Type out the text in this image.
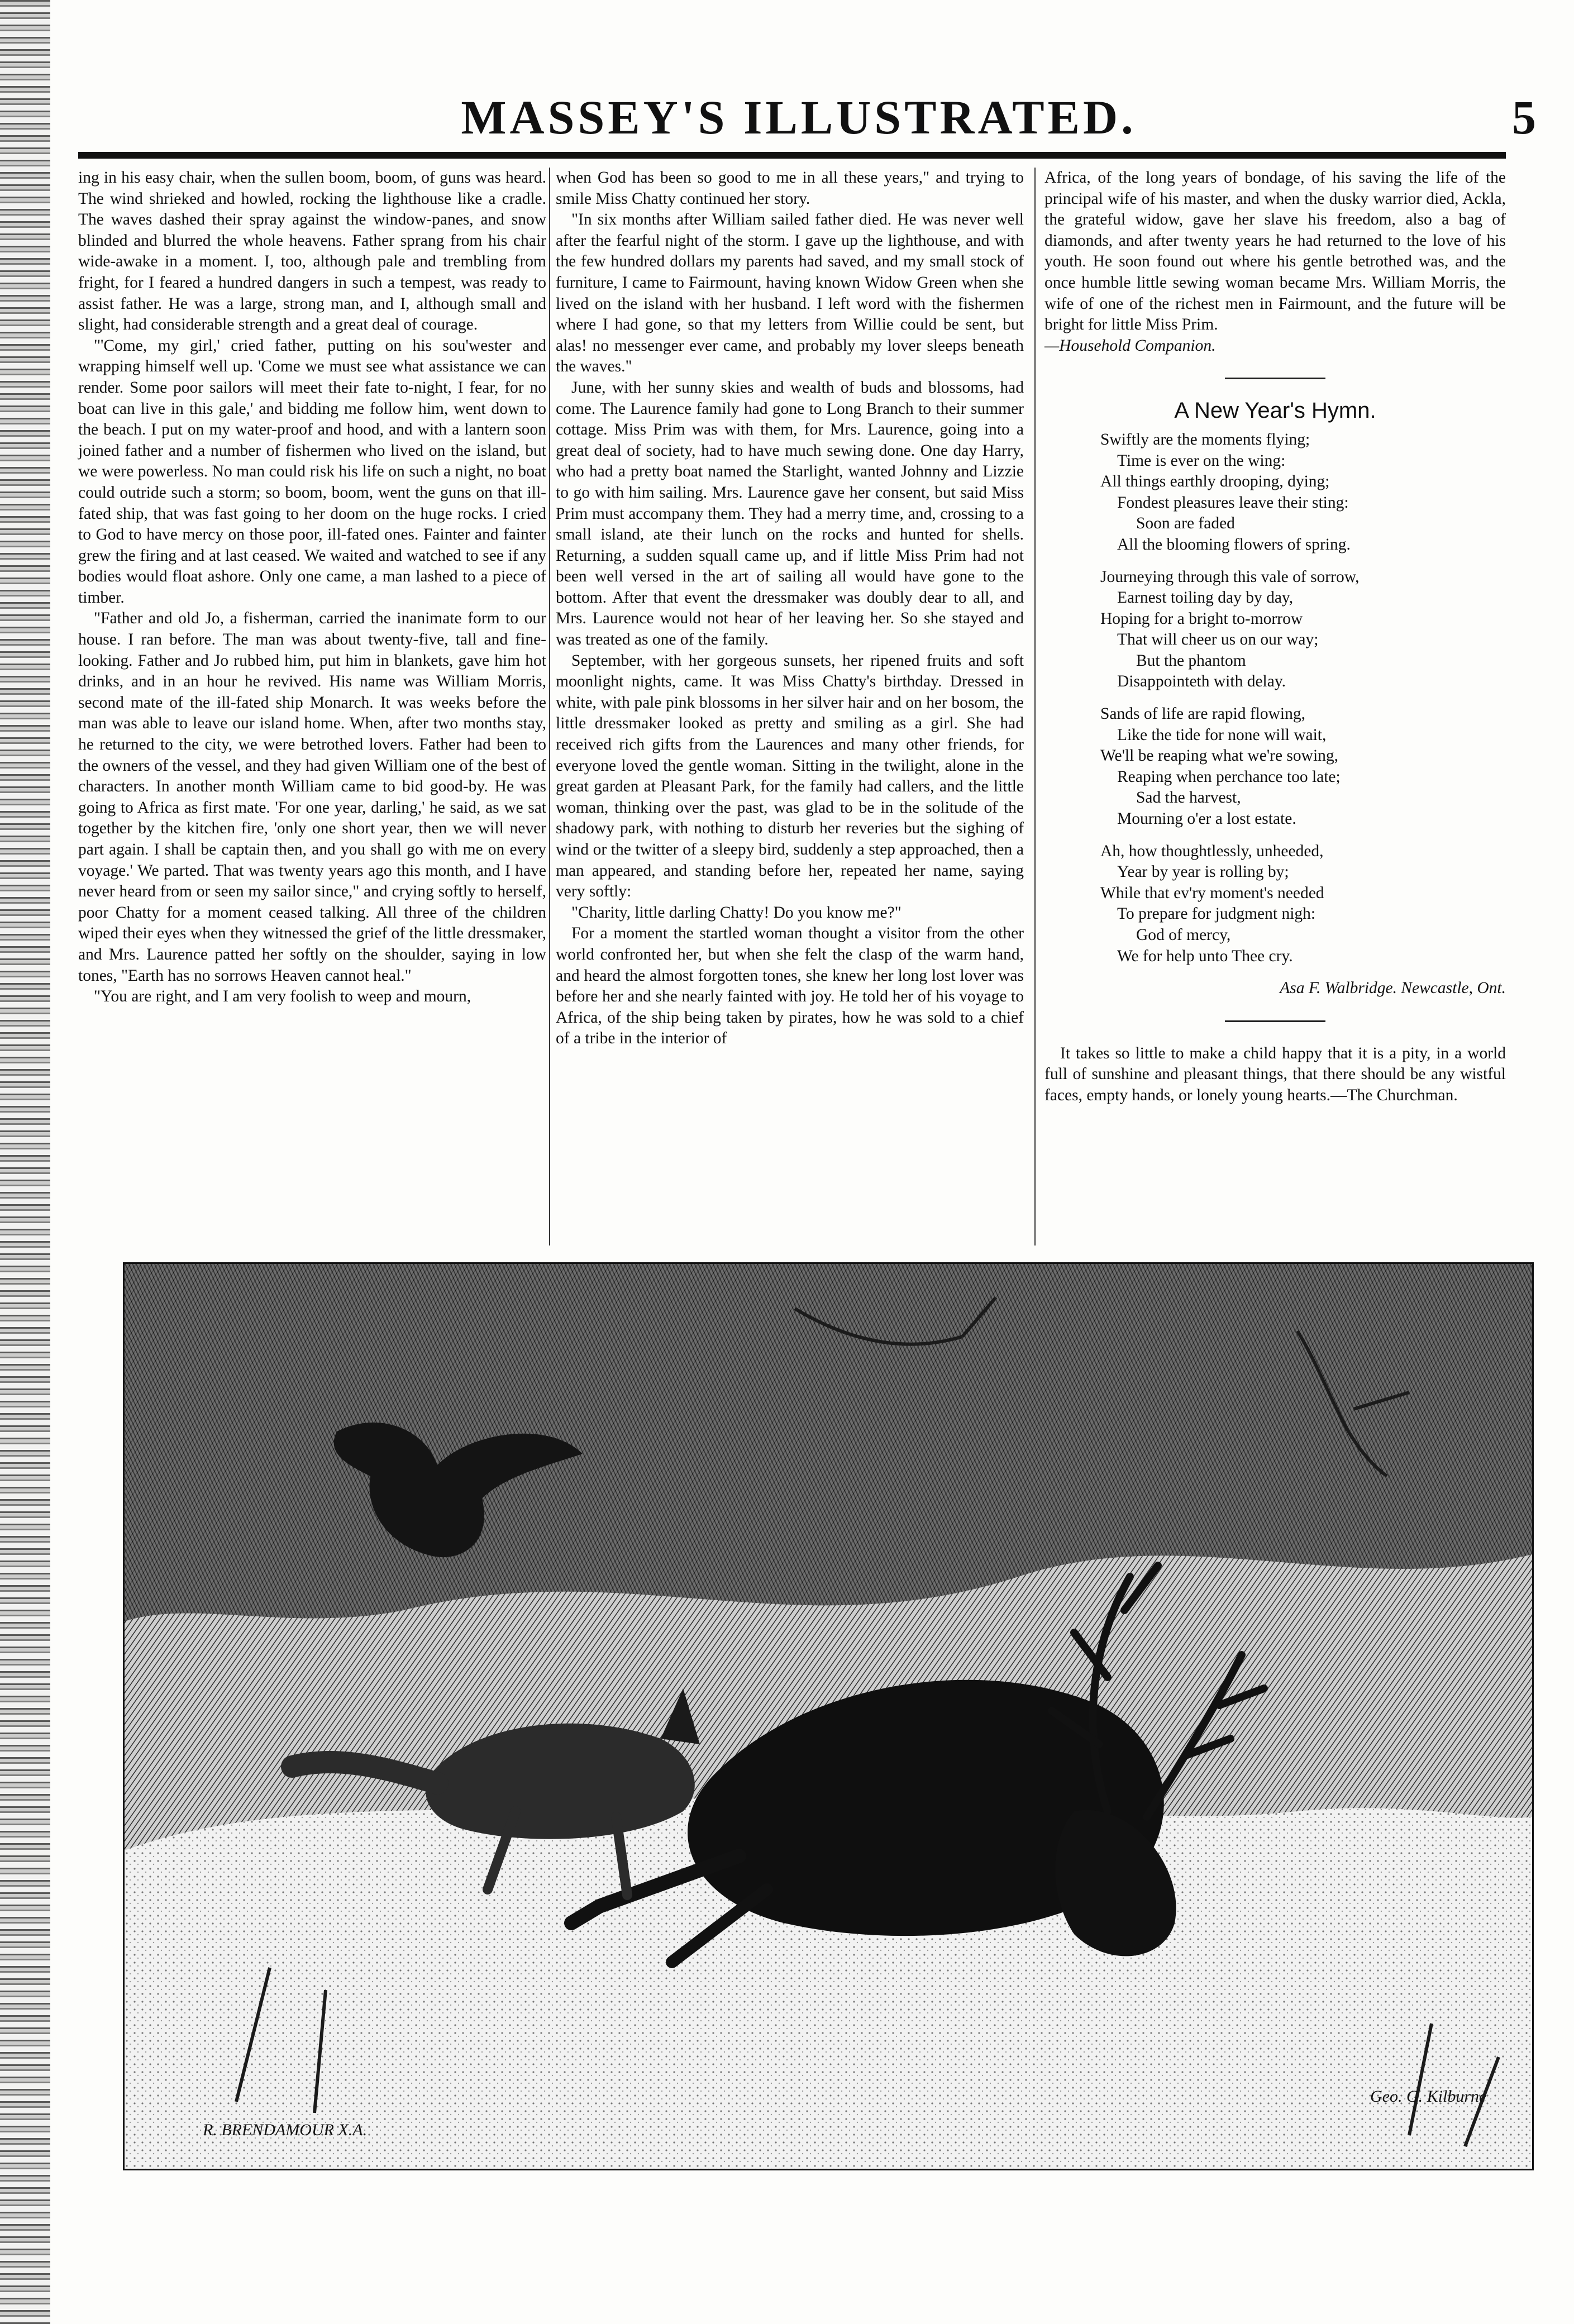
MASSEY'S ILLUSTRATED.	5

ing in his easy chair, when the sullen boom, boom, of guns was heard. The wind shrieked and howled, rocking the lighthouse like a cradle. The waves dashed their spray against the window-panes, and snow blinded and blurred the whole heavens. Father sprang from his chair wide-awake in a moment. I, too, although pale and trembling from fright, for I feared a hundred dangers in such a tempest, was ready to assist father. He was a large, strong man, and I, although small and slight, had considerable strength and a great deal of courage.

"'Come, my girl,' cried father, putting on his sou'wester and wrapping himself well up. 'Come we must see what assistance we can render. Some poor sailors will meet their fate to-night, I fear, for no boat can live in this gale,' and bidding me follow him, went down to the beach. I put on my water-proof and hood, and with a lantern soon joined father and a number of fishermen who lived on the island, but we were powerless. No man could risk his life on such a night, no boat could outride such a storm; so boom, boom, went the guns on that ill-fated ship, that was fast going to her doom on the huge rocks. I cried to God to have mercy on those poor, ill-fated ones. Fainter and fainter grew the firing and at last ceased. We waited and watched to see if any bodies would float ashore. Only one came, a man lashed to a piece of timber.

"Father and old Jo, a fisherman, carried the inanimate form to our house. I ran before. The man was about twenty-five, tall and fine-looking. Father and Jo rubbed him, put him in blankets, gave him hot drinks, and in an hour he revived. His name was William Morris, second mate of the ill-fated ship Monarch. It was weeks before the man was able to leave our island home. When, after two months stay, he returned to the city, we were betrothed lovers. Father had been to the owners of the vessel, and they had given William one of the best of characters. In another month William came to bid good-by. He was going to Africa as first mate. 'For one year, darling,' he said, as we sat together by the kitchen fire, 'only one short year, then we will never part again. I shall be captain then, and you shall go with me on every voyage.' We parted. That was twenty years ago this month, and I have never heard from or seen my sailor since," and crying softly to herself, poor Chatty for a moment ceased talking. All three of the children wiped their eyes when they witnessed the grief of the little dressmaker, and Mrs. Laurence patted her softly on the shoulder, saying in low tones, "Earth has no sorrows Heaven cannot heal."

"You are right, and I am very foolish to weep and mourn,

when God has been so good to me in all these years," and trying to smile Miss Chatty continued her story.

"In six months after William sailed father died. He was never well after the fearful night of the storm. I gave up the lighthouse, and with the few hundred dollars my parents had saved, and my small stock of furniture, I came to Fairmount, having known Widow Green when she lived on the island with her husband. I left word with the fishermen where I had gone, so that my letters from Willie could be sent, but alas! no messenger ever came, and probably my lover sleeps beneath the waves."

June, with her sunny skies and wealth of buds and blossoms, had come. The Laurence family had gone to Long Branch to their summer cottage. Miss Prim was with them, for Mrs. Laurence, going into a great deal of society, had to have much sewing done. One day Harry, who had a pretty boat named the Starlight, wanted Johnny and Lizzie to go with him sailing. Mrs. Laurence gave her consent, but said Miss Prim must accompany them. They had a merry time, and, crossing to a small island, ate their lunch on the rocks and hunted for shells. Returning, a sudden squall came up, and if little Miss Prim had not been well versed in the art of sailing all would have gone to the bottom. After that event the dressmaker was doubly dear to all, and Mrs. Laurence would not hear of her leaving her. So she stayed and was treated as one of the family.

September, with her gorgeous sunsets, her ripened fruits and soft moonlight nights, came. It was Miss Chatty's birthday. Dressed in white, with pale pink blossoms in her silver hair and on her bosom, the little dressmaker looked as pretty and smiling as a girl. She had received rich gifts from the Laurences and many other friends, for everyone loved the gentle woman. Sitting in the twilight, alone in the great garden at Pleasant Park, for the family had callers, and the little woman, thinking over the past, was glad to be in the solitude of the shadowy park, with nothing to disturb her reveries but the sighing of wind or the twitter of a sleepy bird, suddenly a step approached, then a man appeared, and standing before her, repeated her name, saying very softly:

"Charity, little darling Chatty! Do you know me?"

For a moment the startled woman thought a visitor from the other world confronted her, but when she felt the clasp of the warm hand, and heard the almost forgotten tones, she knew her long lost lover was before her and she nearly fainted with joy. He told her of his voyage to Africa, of the ship being taken by pirates, how he was sold to a chief of a tribe in the interior of

Africa, of the long years of bondage, of his saving the life of the principal wife of his master, and when the dusky warrior died, Ackla, the grateful widow, gave her slave his freedom, also a bag of diamonds, and after twenty years he had returned to the love of his youth. He soon found out where his gentle betrothed was, and the once humble little sewing woman became Mrs. William Morris, the wife of one of the richest men in Fairmount, and the future will be bright for little Miss Prim.

—Household Companion.

A New Year's Hymn.
Swiftly are the moments flying;
Time is ever on the wing:
All things earthly drooping, dying;
Fondest pleasures leave their sting:
Soon are faded
All the blooming flowers of spring.
Journeying through this vale of sorrow,
Earnest toiling day by day,
Hoping for a bright to-morrow
That will cheer us on our way;
But the phantom
Disappointeth with delay.
Sands of life are rapid flowing,
Like the tide for none will wait,
We'll be reaping what we're sowing,
Reaping when perchance too late;
Sad the harvest,
Mourning o'er a lost estate.
Ah, how thoughtlessly, unheeded,
Year by year is rolling by;
While that ev'ry moment's needed
To prepare for judgment nigh:
God of mercy,
We for help unto Thee cry.

Asa F. Walbridge. Newcastle, Ont.

It takes so little to make a child happy that it is a pity, in a world full of sunshine and pleasant things, that there should be any wistful faces, empty hands, or lonely young hearts.—The Churchman.

R. BRENDAMOUR X.A.
Geo. G. Kilburne
